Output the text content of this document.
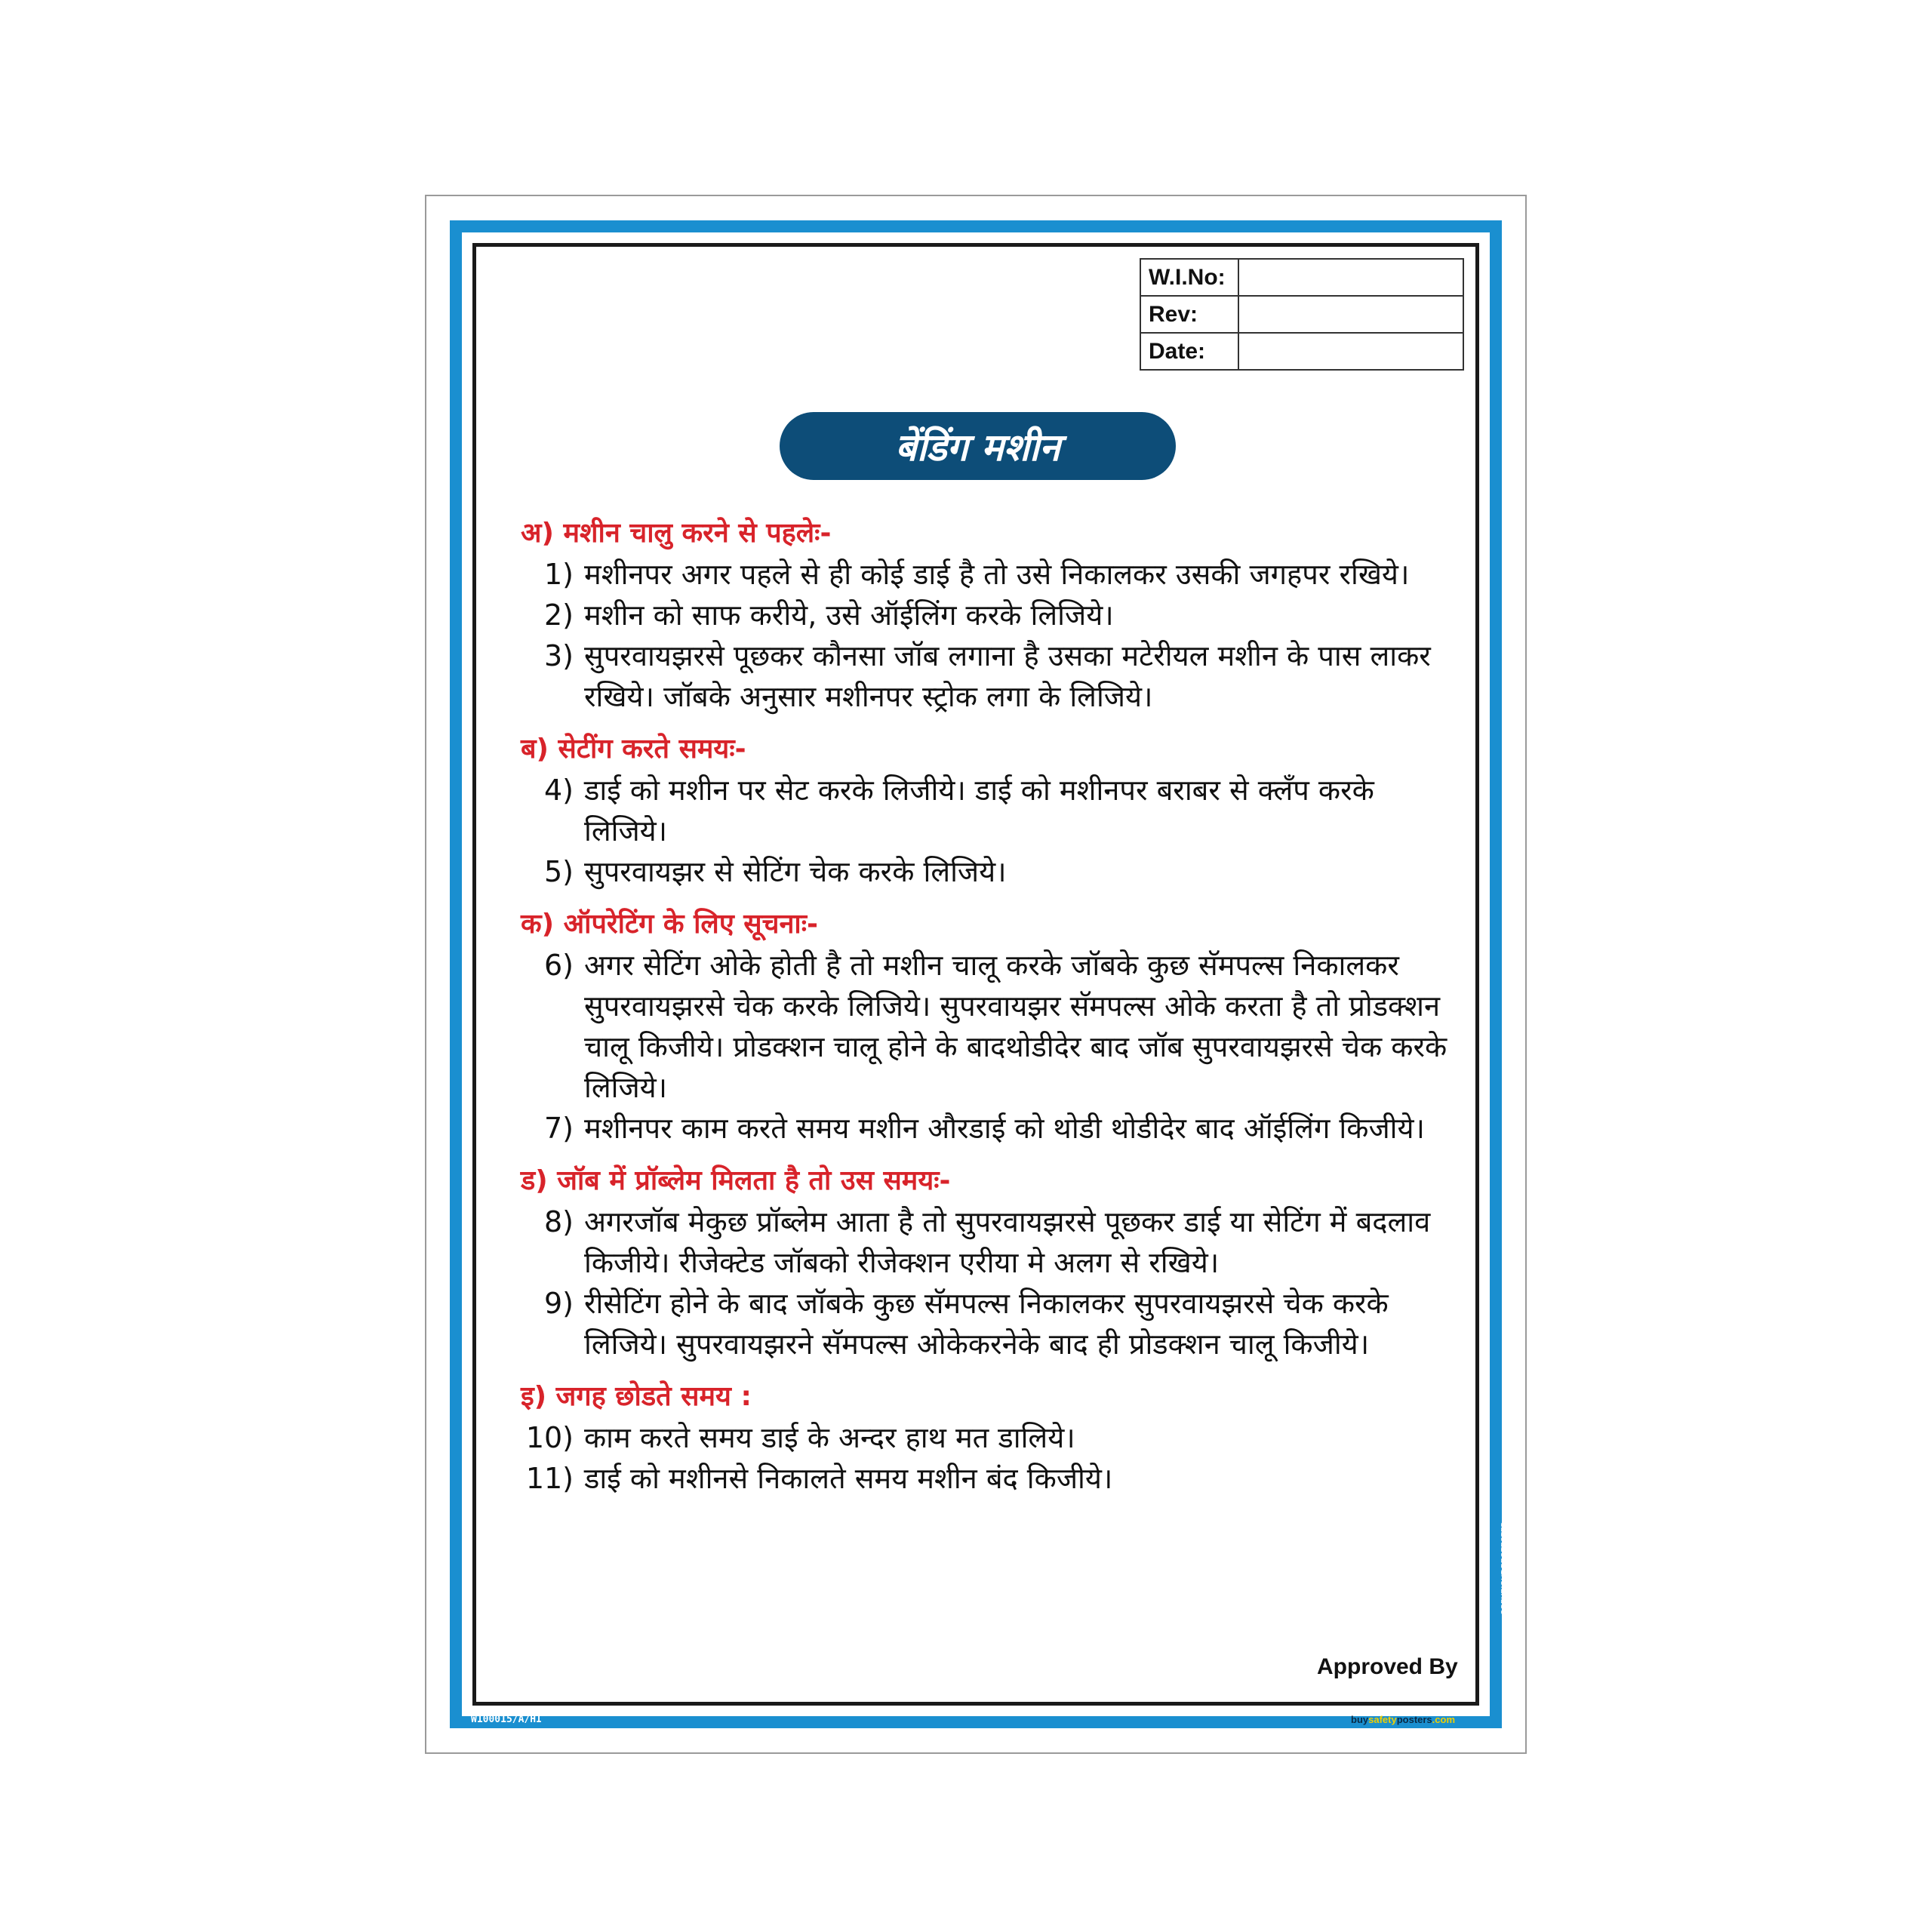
W.I.No:	
Rev:	
Date:	
बेंडिंग मशीन
अ) मशीन चालु करने से पहलेः-
1) मशीनपर अगर पहले से ही कोई डाई है तो उसे निकालकर उसकी जगहपर रखिये।
2) मशीन को साफ करीये, उसे ऑईलिंग करके लिजिये।
3) सुपरवायझरसे पूछकर कौनसा जॉब लगाना है उसका मटेरीयल मशीन के पास लाकर रखिये। जॉबके अनुसार मशीनपर स्ट्रोक लगा के लिजिये।
ब) सेटींग करते समयः-
4) डाई को मशीन पर सेट करके लिजीये। डाई को मशीनपर बराबर से क्लँप करके लिजिये।
5) सुपरवायझर से सेटिंग चेक करके लिजिये।
क) ऑपरेटिंग के लिए सूचनाः-
6) अगर सेटिंग ओके होती है तो मशीन चालू करके जॉबके कुछ सॅमपल्स निकालकर सुपरवायझरसे चेक करके लिजिये। सुपरवायझर सॅमपल्स ओके करता है तो प्रोडक्शन चालू किजीये। प्रोडक्शन चालू होने के बादथोडीदेर बाद जॉब सुपरवायझरसे चेक करके लिजिये।
7) मशीनपर काम करते समय मशीन औरडाई को थोडी थोडीदेर बाद ऑईलिंग किजीये।
ड) जॉब में प्रॉब्लेम मिलता है तो उस समयः-
8) अगरजॉब मेकुछ प्रॉब्लेम आता है तो सुपरवायझरसे पूछकर डाई या सेटिंग में बदलाव किजीये। रीजेक्टेड जॉबको रीजेक्शन एरीया मे अलग से रखिये।
9) रीसेटिंग होने के बाद जॉबके कुछ सॅमपल्स निकालकर सुपरवायझरसे चेक करके लिजिये। सुपरवायझरने सॅमपल्स ओकेकरनेके बाद ही प्रोडक्शन चालू किजीये।
इ) जगह छोडते समय :
10) काम करते समय डाई के अन्दर हाथ मत डालिये।
11) डाई को मशीनसे निकालते समय मशीन बंद किजीये।
Approved By
W100015/A/HI	buysafetyposters.com
COPYRIGHT PROTECTED
